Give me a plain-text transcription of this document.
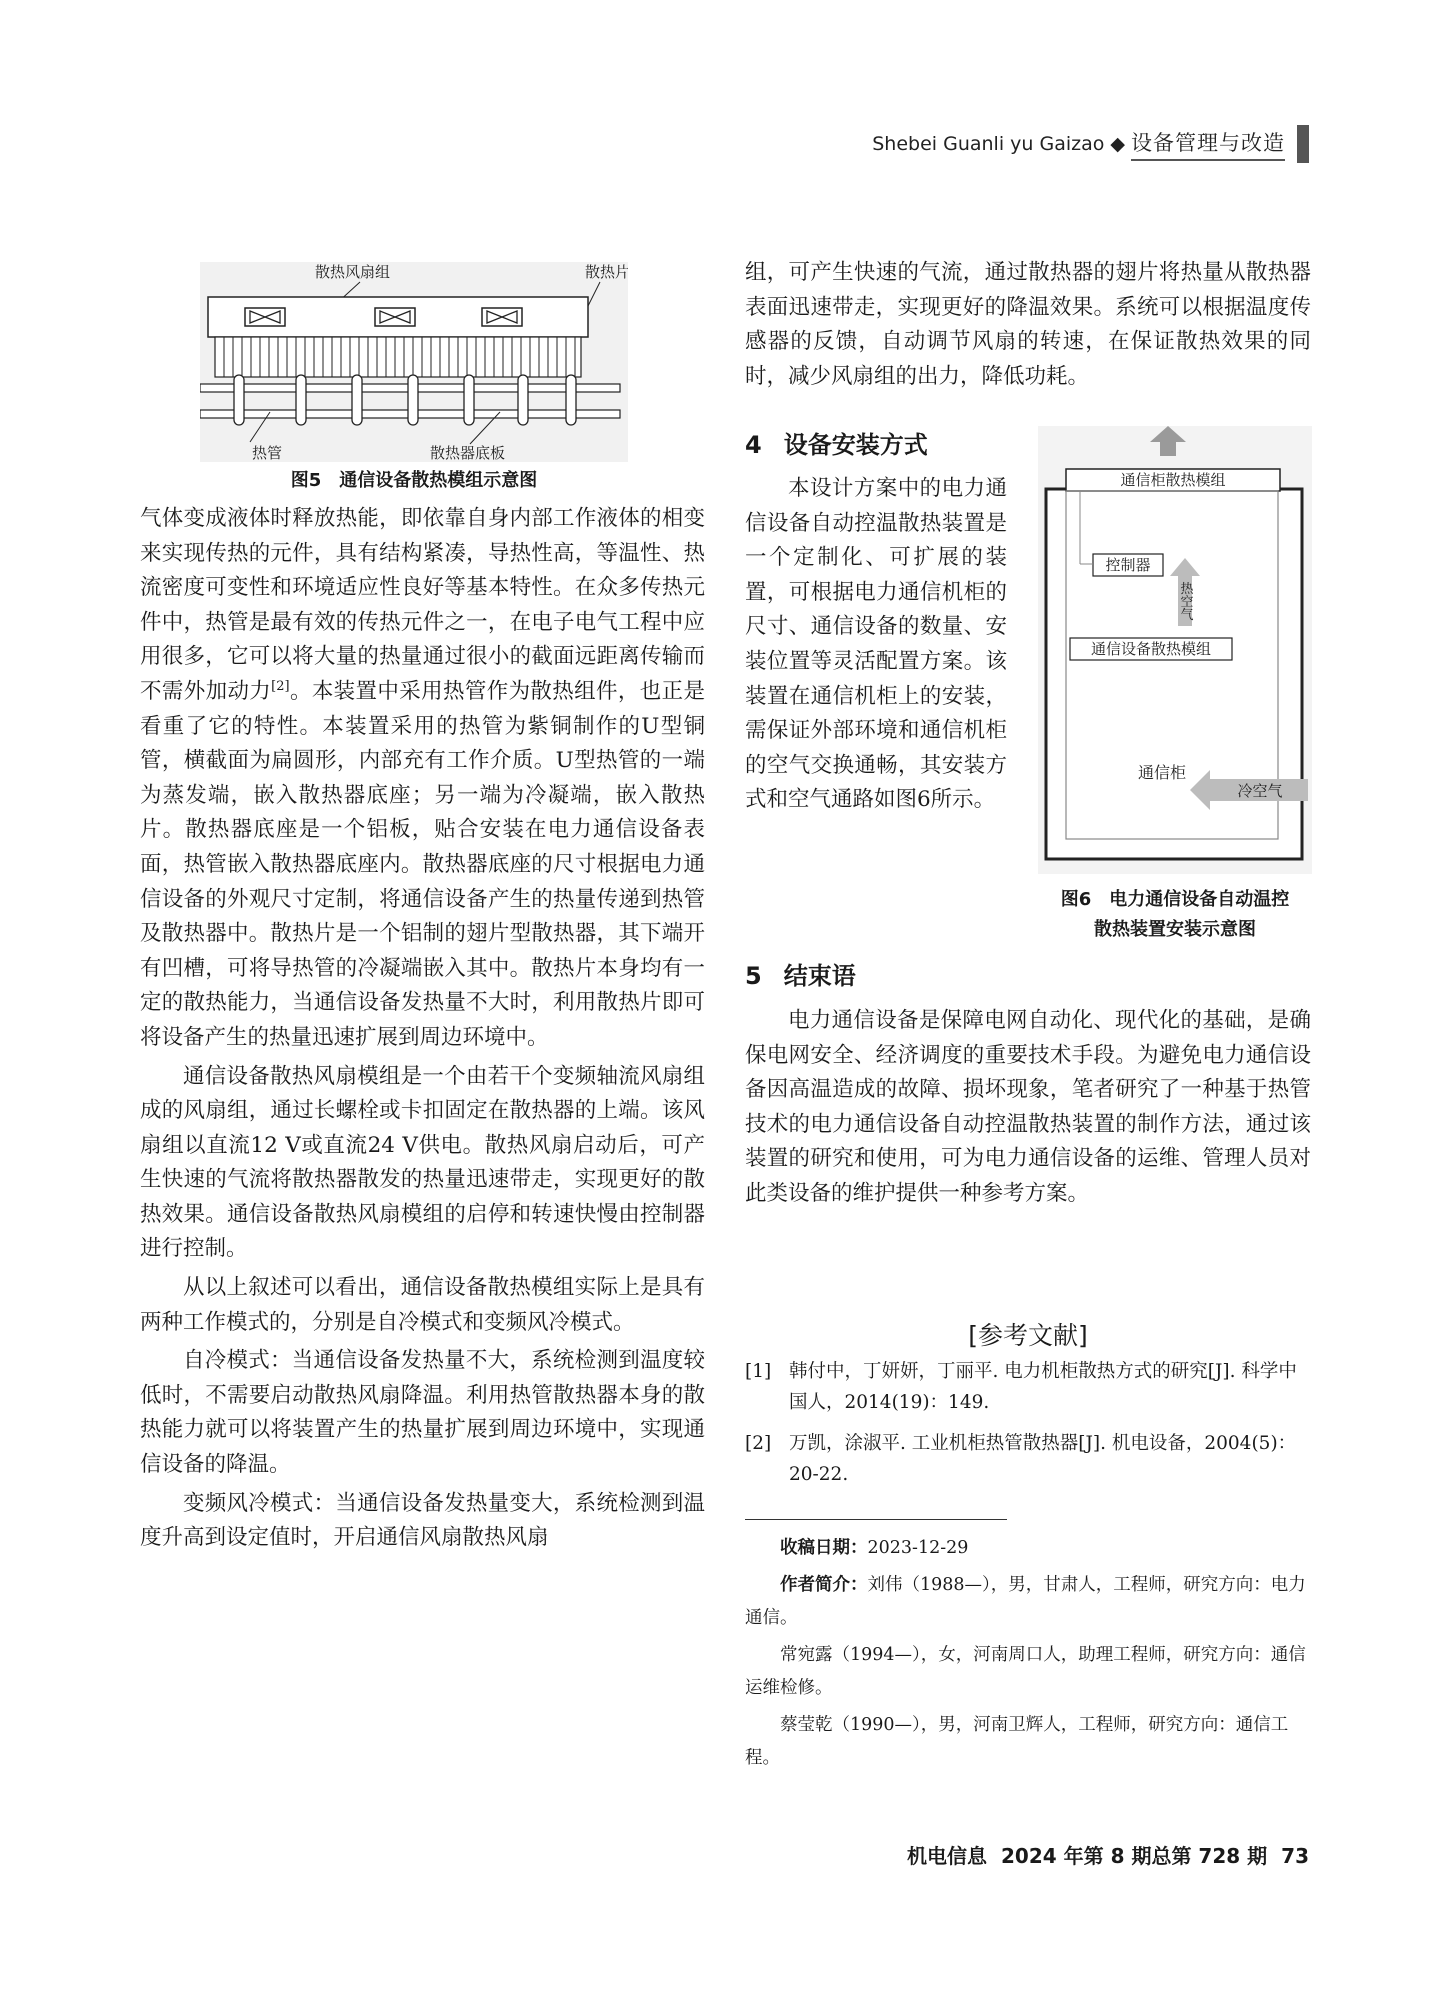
Shebei Guanli yu Gaizao ◆ 设备管理与改造
散热风扇组	散热片
热管	散热器底板
图5　通信设备散热模组示意图

气体变成液体时释放热能，即依靠自身内部工作液体的相变来实现传热的元件，具有结构紧凑，导热性高，等温性、热流密度可变性和环境适应性良好等基本特性。在众多传热元件中，热管是最有效的传热元件之一，在电子电气工程中应用很多，它可以将大量的热量通过很小的截面远距离传输而不需外加动力[2]。本装置中采用热管作为散热组件，也正是看重了它的特性。本装置采用的热管为紫铜制作的U型铜管，横截面为扁圆形，内部充有工作介质。U型热管的一端为蒸发端，嵌入散热器底座；另一端为冷凝端，嵌入散热片。散热器底座是一个铝板，贴合安装在电力通信设备表面，热管嵌入散热器底座内。散热器底座的尺寸根据电力通信设备的外观尺寸定制，将通信设备产生的热量传递到热管及散热器中。散热片是一个铝制的翅片型散热器，其下端开有凹槽，可将导热管的冷凝端嵌入其中。散热片本身均有一定的散热能力，当通信设备发热量不大时，利用散热片即可将设备产生的热量迅速扩展到周边环境中。

通信设备散热风扇模组是一个由若干个变频轴流风扇组成的风扇组，通过长螺栓或卡扣固定在散热器的上端。该风扇组以直流12 V或直流24 V供电。散热风扇启动后，可产生快速的气流将散热器散发的热量迅速带走，实现更好的散热效果。通信设备散热风扇模组的启停和转速快慢由控制器进行控制。

从以上叙述可以看出，通信设备散热模组实际上是具有两种工作模式的，分别是自冷模式和变频风冷模式。

自冷模式：当通信设备发热量不大，系统检测到温度较低时，不需要启动散热风扇降温。利用热管散热器本身的散热能力就可以将装置产生的热量扩展到周边环境中，实现通信设备的降温。

变频风冷模式：当通信设备发热量变大，系统检测到温度升高到设定值时，开启通信风扇散热风扇

组，可产生快速的气流，通过散热器的翅片将热量从散热器表面迅速带走，实现更好的降温效果。系统可以根据温度传感器的反馈，自动调节风扇的转速，在保证散热效果的同时，减少风扇组的出力，降低功耗。

4 设备安装方式

本设计方案中的电力通信设备自动控温散热装置是一个定制化、可扩展的装置，可根据电力通信机柜的尺寸、通信设备的数量、安装位置等灵活配置方案。该装置在通信机柜上的安装，需保证外部环境和通信机柜的空气交换通畅，其安装方式和空气通路如图6所示。

通信柜散热模组
控制器
热空气
通信设备散热模组
通信柜
冷空气
图6　电力通信设备自动温控
散热装置安装示意图
5 结束语

电力通信设备是保障电网自动化、现代化的基础，是确保电网安全、经济调度的重要技术手段。为避免电力通信设备因高温造成的故障、损坏现象，笔者研究了一种基于热管技术的电力通信设备自动控温散热装置的制作方法，通过该装置的研究和使用，可为电力通信设备的运维、管理人员对此类设备的维护提供一种参考方案。

[参考文献]
[1] 韩付中，丁妍妍，丁丽平. 电力机柜散热方式的研究[J]. 科学中国人，2014(19)：149.
[2] 万凯，涂淑平. 工业机柜热管散热器[J]. 机电设备，2004(5)：20-22.

收稿日期：2023-12-29

作者简介：刘伟（1988—），男，甘肃人，工程师，研究方向：电力通信。

常宛露（1994—），女，河南周口人，助理工程师，研究方向：通信运维检修。

蔡莹乾（1990—），男，河南卫辉人，工程师，研究方向：通信工程。

机电信息 2024 年第 8 期总第 728 期 73
